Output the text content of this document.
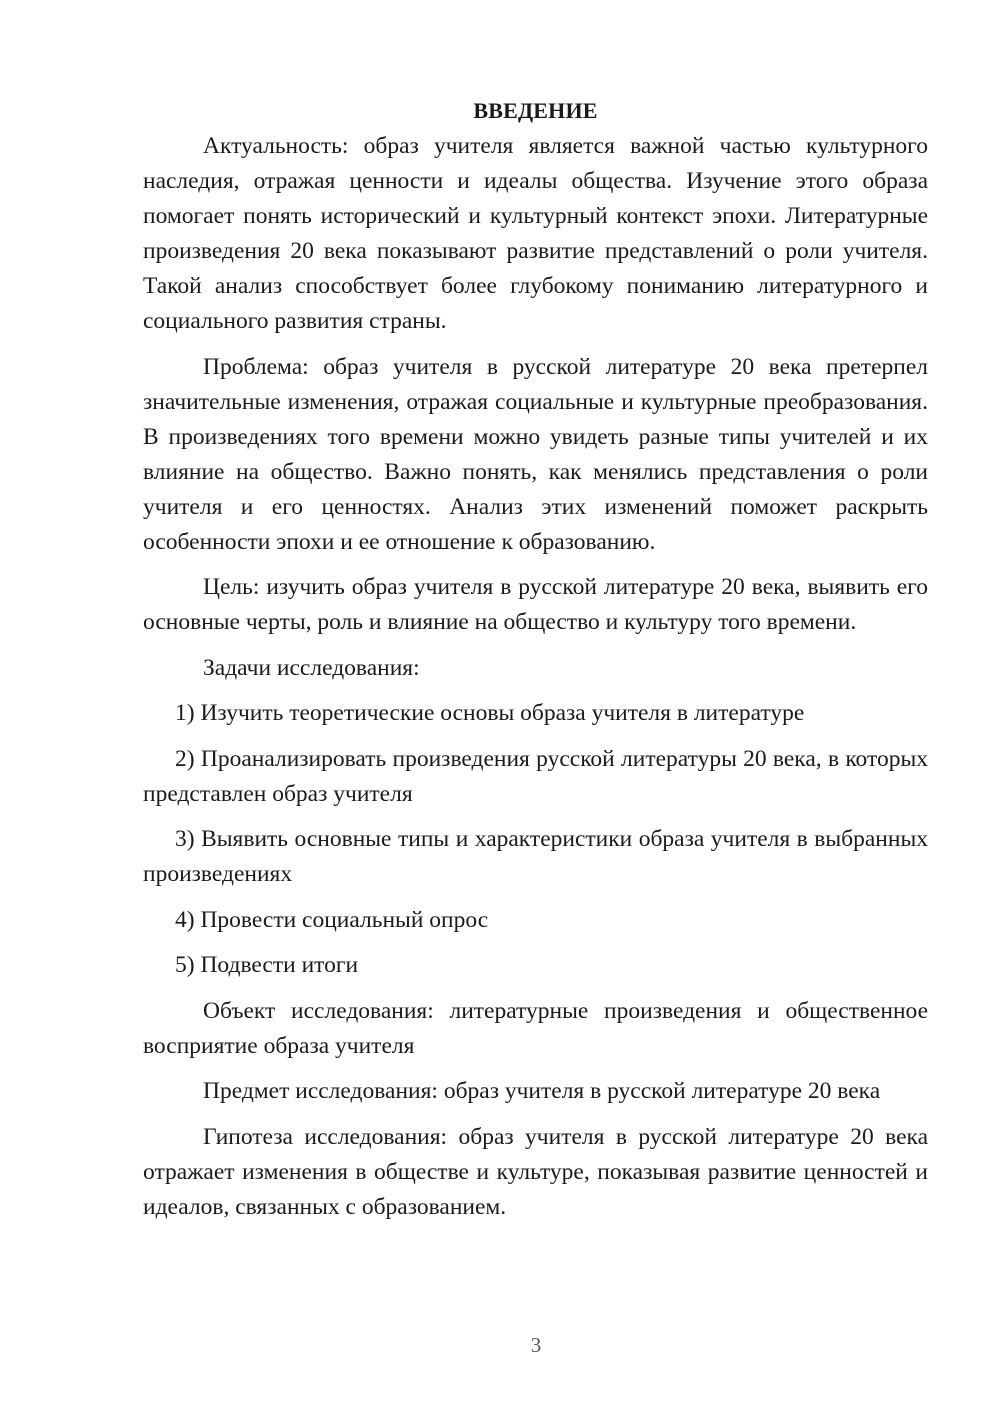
ВВЕДЕНИЕ

Актуальность: образ учителя является важной частью культурного наследия, отражая ценности и идеалы общества. Изучение этого образа помогает понять исторический и культурный контекст эпохи. Литературные произведения 20 века показывают развитие представлений о роли учителя. Такой анализ способствует более глубокому пониманию литературного и социального развития страны.

Проблема: образ учителя в русской литературе 20 века претерпел значительные изменения, отражая социальные и культурные преобразования. В произведениях того времени можно увидеть разные типы учителей и их влияние на общество. Важно понять, как менялись представления о роли учителя и его ценностях. Анализ этих изменений поможет раскрыть особенности эпохи и ее отношение к образованию.

Цель: изучить образ учителя в русской литературе 20 века, выявить его основные черты, роль и влияние на общество и культуру того времени.

Задачи исследования:

1) Изучить теоретические основы образа учителя в литературе

2) Проанализировать произведения русской литературы 20 века, в которых представлен образ учителя

3) Выявить основные типы и характеристики образа учителя в выбранных произведениях

4) Провести социальный опрос

5) Подвести итоги

Объект исследования: литературные произведения и общественное восприятие образа учителя

Предмет исследования: образ учителя в русской литературе 20 века

Гипотеза исследования: образ учителя в русской литературе 20 века отражает изменения в обществе и культуре, показывая развитие ценностей и идеалов, связанных с образованием.

3
